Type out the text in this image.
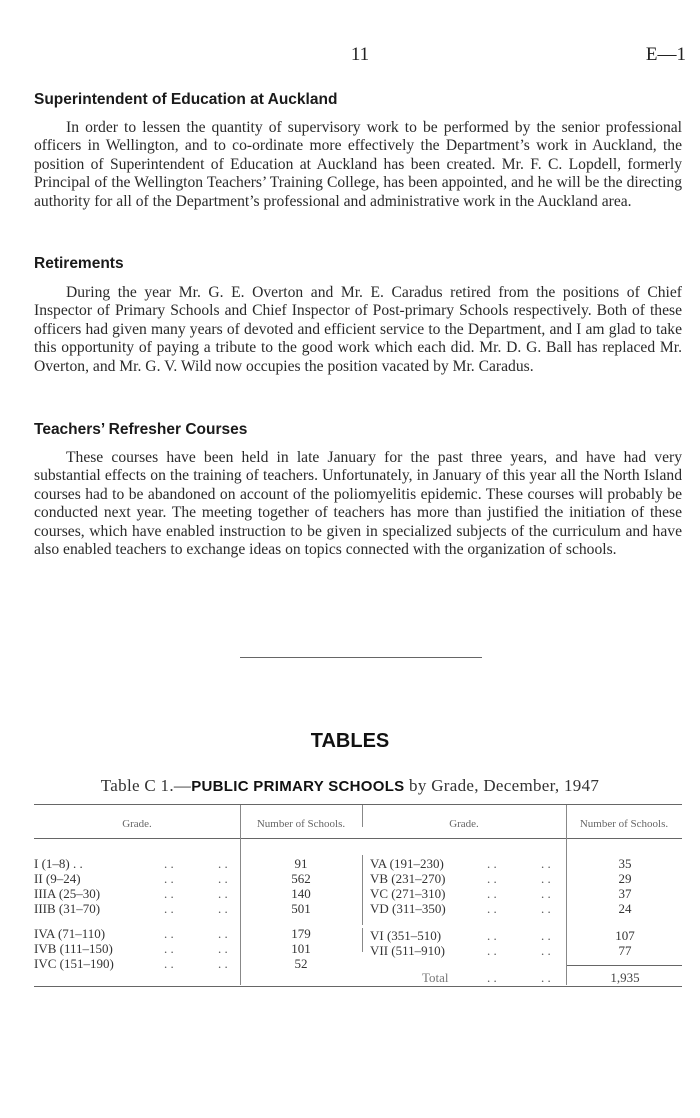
11	E—1
Superintendent of Education at Auckland

In order to lessen the quantity of supervisory work to be performed by the senior professional officers in Wellington, and to co-ordinate more effectively the Department’s work in Auckland, the position of Superintendent of Education at Auckland has been created. Mr. F. C. Lopdell, formerly Principal of the Wellington Teachers’ Training College, has been appointed, and he will be the directing authority for all of the Department’s professional and administrative work in the Auckland area.

Retirements

During the year Mr. G. E. Overton and Mr. E. Caradus retired from the positions of Chief Inspector of Primary Schools and Chief Inspector of Post-primary Schools respectively. Both of these officers had given many years of devoted and efficient service to the Department, and I am glad to take this opportunity of paying a tribute to the good work which each did. Mr. D. G. Ball has replaced Mr. Overton, and Mr. G. V. Wild now occupies the position vacated by Mr. Caradus.

Teachers’ Refresher Courses

These courses have been held in late January for the past three years, and have had very substantial effects on the training of teachers. Unfortunately, in January of this year all the North Island courses had to be abandoned on account of the poliomyelitis epidemic. These courses will probably be conducted next year. The meeting together of teachers has more than justified the initiation of these courses, which have enabled instruction to be given in specialized subjects of the curriculum and have also enabled teachers to exchange ideas on topics connected with the organization of schools.

TABLES
Table C 1.—PUBLIC PRIMARY SCHOOLS by Grade, December, 1947
Grade.	Number of Schools.	Grade.	Number of Schools.
I (1–8) . .	. .	. .	91
II (9–24)	. .	. .	562
IIIA (25–30)	. .	. .	140
IIIB (31–70)	. .	. .	501
IVA (71–110)	. .	. .	179
IVB (111–150)	. .	. .	101
IVC (151–190)	. .	. .	52
VA (191–230)	. .	. .	35
VB (231–270)	. .	. .	29
VC (271–310)	. .	. .	37
VD (311–350)	. .	. .	24
VI (351–510)	. .	. .	107
VII (511–910)	. .	. .	77
Total	. .	. .	1,935
